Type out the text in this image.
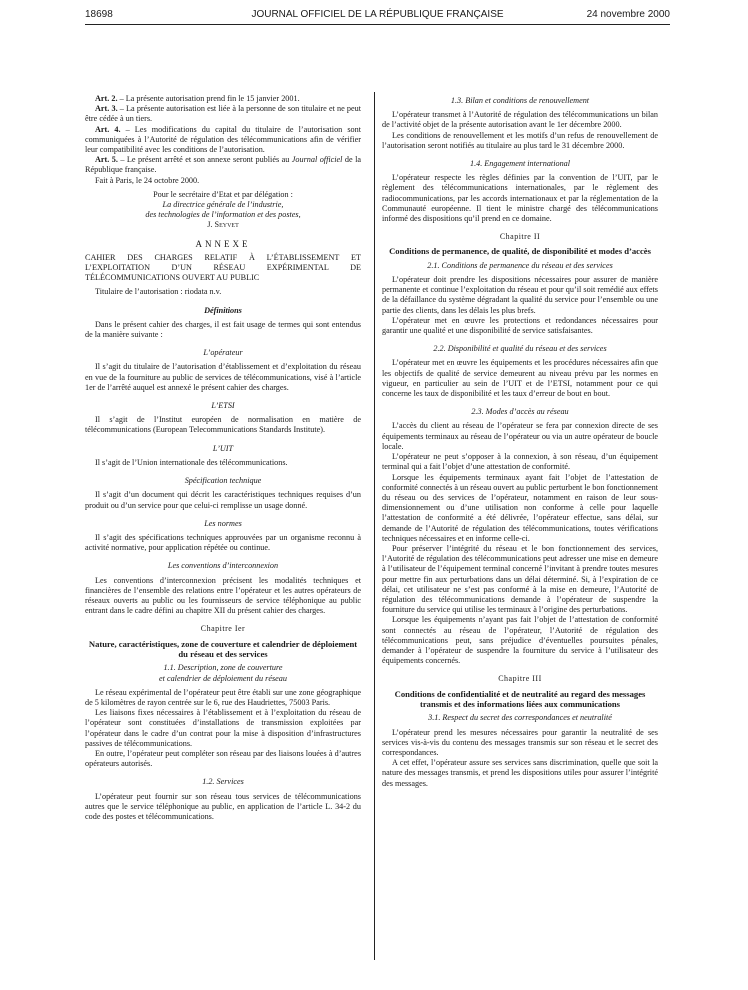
18698	JOURNAL OFFICIEL DE LA RÉPUBLIQUE FRANÇAISE	24 novembre 2000

Art. 2. – La présente autorisation prend fin le 15 janvier 2001.

Art. 3. – La présente autorisation est liée à la personne de son titulaire et ne peut être cédée à un tiers.

Art. 4. – Les modifications du capital du titulaire de l’autorisation sont communiquées à l’Autorité de régulation des télécommunications afin de vérifier leur compatibilité avec les conditions de l’autorisation.

Art. 5. – Le présent arrêté et son annexe seront publiés au Journal officiel de la République française.

Fait à Paris, le 24 octobre 2000.

Pour le secrétaire d’Etat et par délégation :
La directrice générale de l’industrie,
des technologies de l’information et des postes,
J. Seyvet
ANNEXE

CAHIER DES CHARGES RELATIF À L’ÉTABLISSEMENT ET L’EXPLOITATION D’UN RÉSEAU EXPÉRIMENTAL DE TÉLÉCOMMUNICATIONS OUVERT AU PUBLIC

Titulaire de l’autorisation : riodata n.v.

Définitions

Dans le présent cahier des charges, il est fait usage de termes qui sont entendus de la manière suivante :

L’opérateur

Il s’agit du titulaire de l’autorisation d’établissement et d’exploitation du réseau en vue de la fourniture au public de services de télécommunications, visé à l’article 1er de l’arrêté auquel est annexé le présent cahier des charges.

L’ETSI

Il s’agit de l’Institut européen de normalisation en matière de télécommunications (European Telecommunications Standards Institute).

L’UIT

Il s’agit de l’Union internationale des télécommunications.

Spécification technique

Il s’agit d’un document qui décrit les caractéristiques techniques requises d’un produit ou d’un service pour que celui-ci remplisse un usage donné.

Les normes

Il s’agit des spécifications techniques approuvées par un organisme reconnu à activité normative, pour application répétée ou continue.

Les conventions d’interconnexion

Les conventions d’interconnexion précisent les modalités techniques et financières de l’ensemble des relations entre l’opérateur et les autres opérateurs de réseaux ouverts au public ou les fournisseurs de service téléphonique au public entrant dans le cadre défini au chapitre XII du présent cahier des charges.

Chapitre Ier
Nature, caractéristiques, zone de couverture et calendrier de déploiement du réseau et des services
1.1. Description, zone de couverture
et calendrier de déploiement du réseau

Le réseau expérimental de l’opérateur peut être établi sur une zone géographique de 5 kilomètres de rayon centrée sur le 6, rue des Haudriettes, 75003 Paris.

Les liaisons fixes nécessaires à l’établissement et à l’exploitation du réseau de l’opérateur sont constituées d’installations de transmission exploitées par l’opérateur dans le cadre d’un contrat pour la mise à disposition d’infrastructures passives de télécommunications.

En outre, l’opérateur peut compléter son réseau par des liaisons louées à d’autres opérateurs autorisés.

1.2. Services

L’opérateur peut fournir sur son réseau tous services de télécommunications autres que le service téléphonique au public, en application de l’article L. 34-2 du code des postes et télécommunications.

1.3. Bilan et conditions de renouvellement

L’opérateur transmet à l’Autorité de régulation des télécommunications un bilan de l’activité objet de la présente autorisation avant le 1er décembre 2000.

Les conditions de renouvellement et les motifs d’un refus de renouvellement de l’autorisation seront notifiés au titulaire au plus tard le 31 décembre 2000.

1.4. Engagement international

L’opérateur respecte les règles définies par la convention de l’UIT, par le règlement des télécommunications internationales, par le règlement des radiocommunications, par les accords internationaux et par la réglementation de la Communauté européenne. Il tient le ministre chargé des télécommunications informé des dispositions qu’il prend en ce domaine.

Chapitre II
Conditions de permanence, de qualité, de disponibilité et modes d’accès
2.1. Conditions de permanence du réseau et des services

L’opérateur doit prendre les dispositions nécessaires pour assurer de manière permanente et continue l’exploitation du réseau et pour qu’il soit remédié aux effets de la défaillance du système dégradant la qualité du service pour l’ensemble ou une partie des clients, dans les délais les plus brefs.

L’opérateur met en œuvre les protections et redondances nécessaires pour garantir une qualité et une disponibilité de service satisfaisantes.

2.2. Disponibilité et qualité du réseau et des services

L’opérateur met en œuvre les équipements et les procédures nécessaires afin que les objectifs de qualité de service demeurent au niveau prévu par les normes en vigueur, en particulier au sein de l’UIT et de l’ETSI, notamment pour ce qui concerne les taux de disponibilité et les taux d’erreur de bout en bout.

2.3. Modes d’accès au réseau

L’accès du client au réseau de l’opérateur se fera par connexion directe de ses équipements terminaux au réseau de l’opérateur ou via un autre opérateur de boucle locale.

L’opérateur ne peut s’opposer à la connexion, à son réseau, d’un équipement terminal qui a fait l’objet d’une attestation de conformité.

Lorsque les équipements terminaux ayant fait l’objet de l’attestation de conformité connectés à un réseau ouvert au public perturbent le bon fonctionnement du réseau ou des services de l’opérateur, notamment en raison de leur sous-dimensionnement ou d’une utilisation non conforme à celle pour laquelle l’attestation de conformité a été délivrée, l’opérateur effectue, sans délai, sur demande de l’Autorité de régulation des télécommunications, toutes vérifications techniques nécessaires et en informe celle-ci.

Pour préserver l’intégrité du réseau et le bon fonctionnement des services, l’Autorité de régulation des télécommunications peut adresser une mise en demeure à l’utilisateur de l’équipement terminal concerné l’invitant à prendre toutes mesures pour mettre fin aux perturbations dans un délai déterminé. Si, à l’expiration de ce délai, cet utilisateur ne s’est pas conformé à la mise en demeure, l’Autorité de régulation des télécommunications demande à l’opérateur de suspendre la fourniture du service qui utilise les terminaux à l’origine des perturbations.

Lorsque les équipements n’ayant pas fait l’objet de l’attestation de conformité sont connectés au réseau de l’opérateur, l’Autorité de régulation des télécommunications peut, sans préjudice d’éventuelles poursuites pénales, demander à l’opérateur de suspendre la fourniture du service à l’utilisateur des équipements concernés.

Chapitre III
Conditions de confidentialité et de neutralité au regard des messages transmis et des informations liées aux communications
3.1. Respect du secret des correspondances et neutralité

L’opérateur prend les mesures nécessaires pour garantir la neutralité de ses services vis-à-vis du contenu des messages transmis sur son réseau et le secret des correspondances.

A cet effet, l’opérateur assure ses services sans discrimination, quelle que soit la nature des messages transmis, et prend les dispositions utiles pour assurer l’intégrité des messages.
